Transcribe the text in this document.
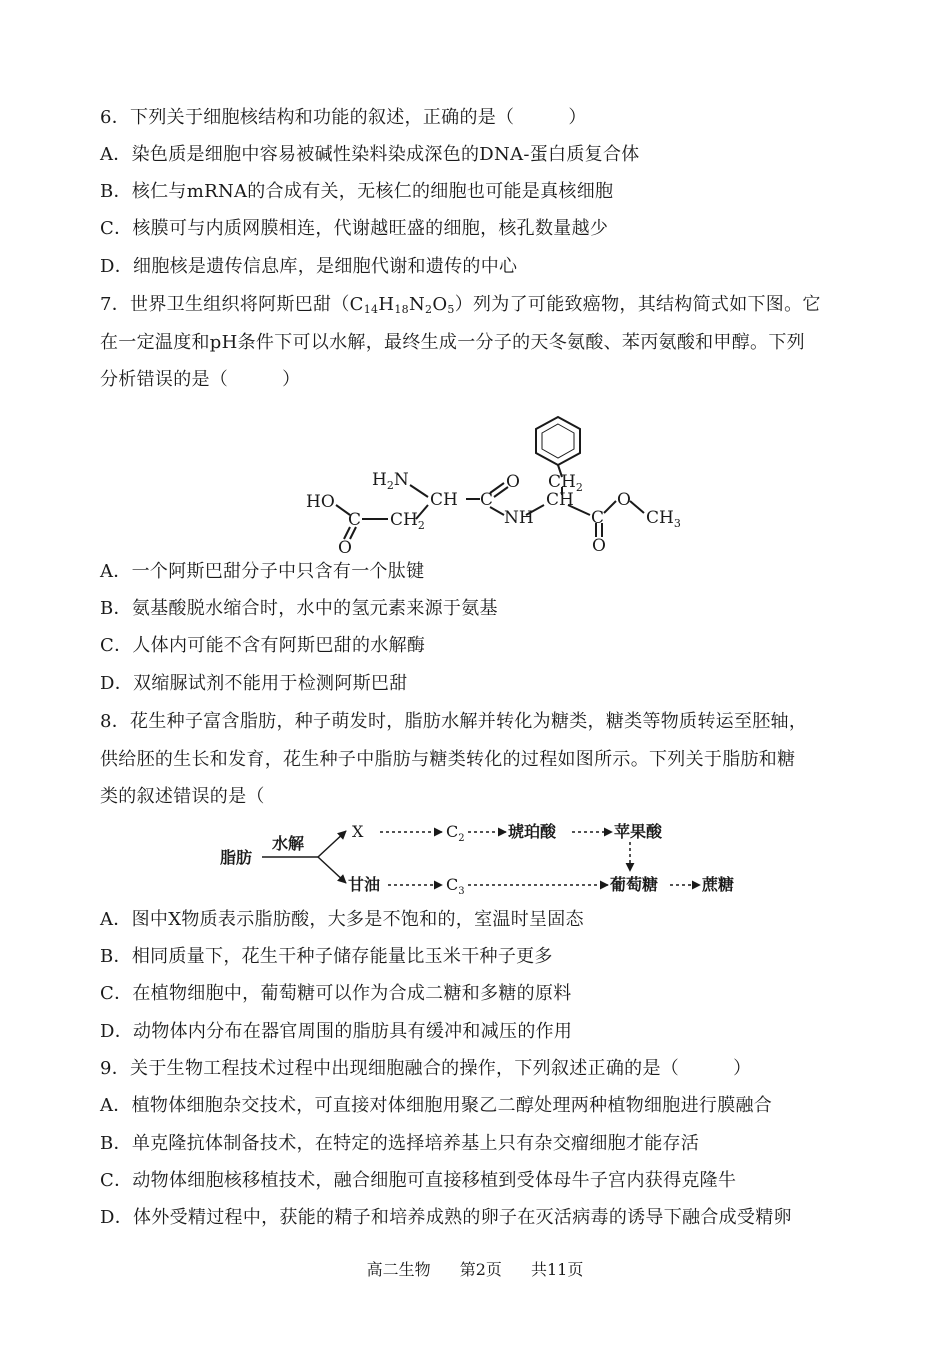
6．下列关于细胞核结构和功能的叙述，正确的是（	）
A．染色质是细胞中容易被碱性染料染成深色的DNA-蛋白质复合体
B．核仁与mRNA的合成有关，无核仁的细胞也可能是真核细胞
C．核膜可与内质网膜相连，代谢越旺盛的细胞，核孔数量越少
D．细胞核是遗传信息库，是细胞代谢和遗传的中心
7．世界卫生组织将阿斯巴甜$(C_{14}H_{18}N_2O_5)$列为了可能致癌物，其结构简式如下图。它
在一定温度和pH条件下可以水解，最终生成一分子的天冬氨酸、苯丙氨酸和甲醇。下列
分析错误的是（	）
HO
C
O
$CH_2$
$H_2N$
CH C
O
NH
CH
$CH_2$
C
O
O
$CH_3$
A．一个阿斯巴甜分子中只含有一个肽键
B．氨基酸脱水缩合时，水中的氢元素来源于氨基
C．人体内可能不含有阿斯巴甜的水解酶
D．双缩脲试剂不能用于检测阿斯巴甜
8．花生种子富含脂肪，种子萌发时，脂肪水解并转化为糖类，糖类等物质转运至胚轴，
供给胚的生长和发育，花生种子中脂肪与糖类转化的过程如图所示。下列关于脂肪和糖
类的叙述错误的是（
脂肪
水解
X	$C_2$	琥珀酸	苹果酸
甘油	$C_3$	葡萄糖	蔗糖
A．图中X物质表示脂肪酸，大多是不饱和的，室温时呈固态
B．相同质量下，花生干种子储存能量比玉米干种子更多
C．在植物细胞中，葡萄糖可以作为合成二糖和多糖的原料
D．动物体内分布在器官周围的脂肪具有缓冲和减压的作用
9．关于生物工程技术过程中出现细胞融合的操作，下列叙述正确的是（	）
A．植物体细胞杂交技术，可直接对体细胞用聚乙二醇处理两种植物细胞进行膜融合
B．单克隆抗体制备技术，在特定的选择培养基上只有杂交瘤细胞才能存活
C．动物体细胞核移植技术，融合细胞可直接移植到受体母牛子宫内获得克隆牛
D．体外受精过程中，获能的精子和培养成熟的卵子在灭活病毒的诱导下融合成受精卵
高二生物 第2页 共11页
